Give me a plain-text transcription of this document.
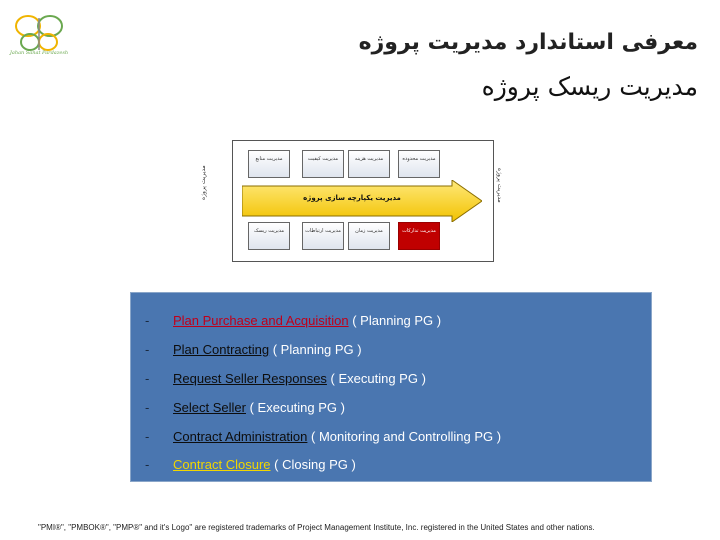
Jahan Sanat Pardazesh	معرفی استاندارد مدیریت پروژه
مدیریت ریسک پروژه
مدیریت پروژه	مدیریت پروژه
مدیریت یکپارچه سازی پروژه
مدیریت منابع	مدیریت کیفیت	مدیریت هزینه	مدیریت محدوده
مدیریت ریسک	مدیریت ارتباطات	مدیریت زمان	مدیریت تدارکات
- Plan Purchase and Acquisition ( Planning PG )
- Plan Contracting ( Planning PG )
- Request Seller Responses ( Executing PG )
- Select Seller ( Executing PG )
- Contract Administration ( Monitoring and Controlling PG )
- Contract Closure ( Closing PG )
"PMI®", "PMBOK®", "PMP®" and it's Logo" are registered trademarks of Project Management Institute, Inc. registered in the United States and other nations.
